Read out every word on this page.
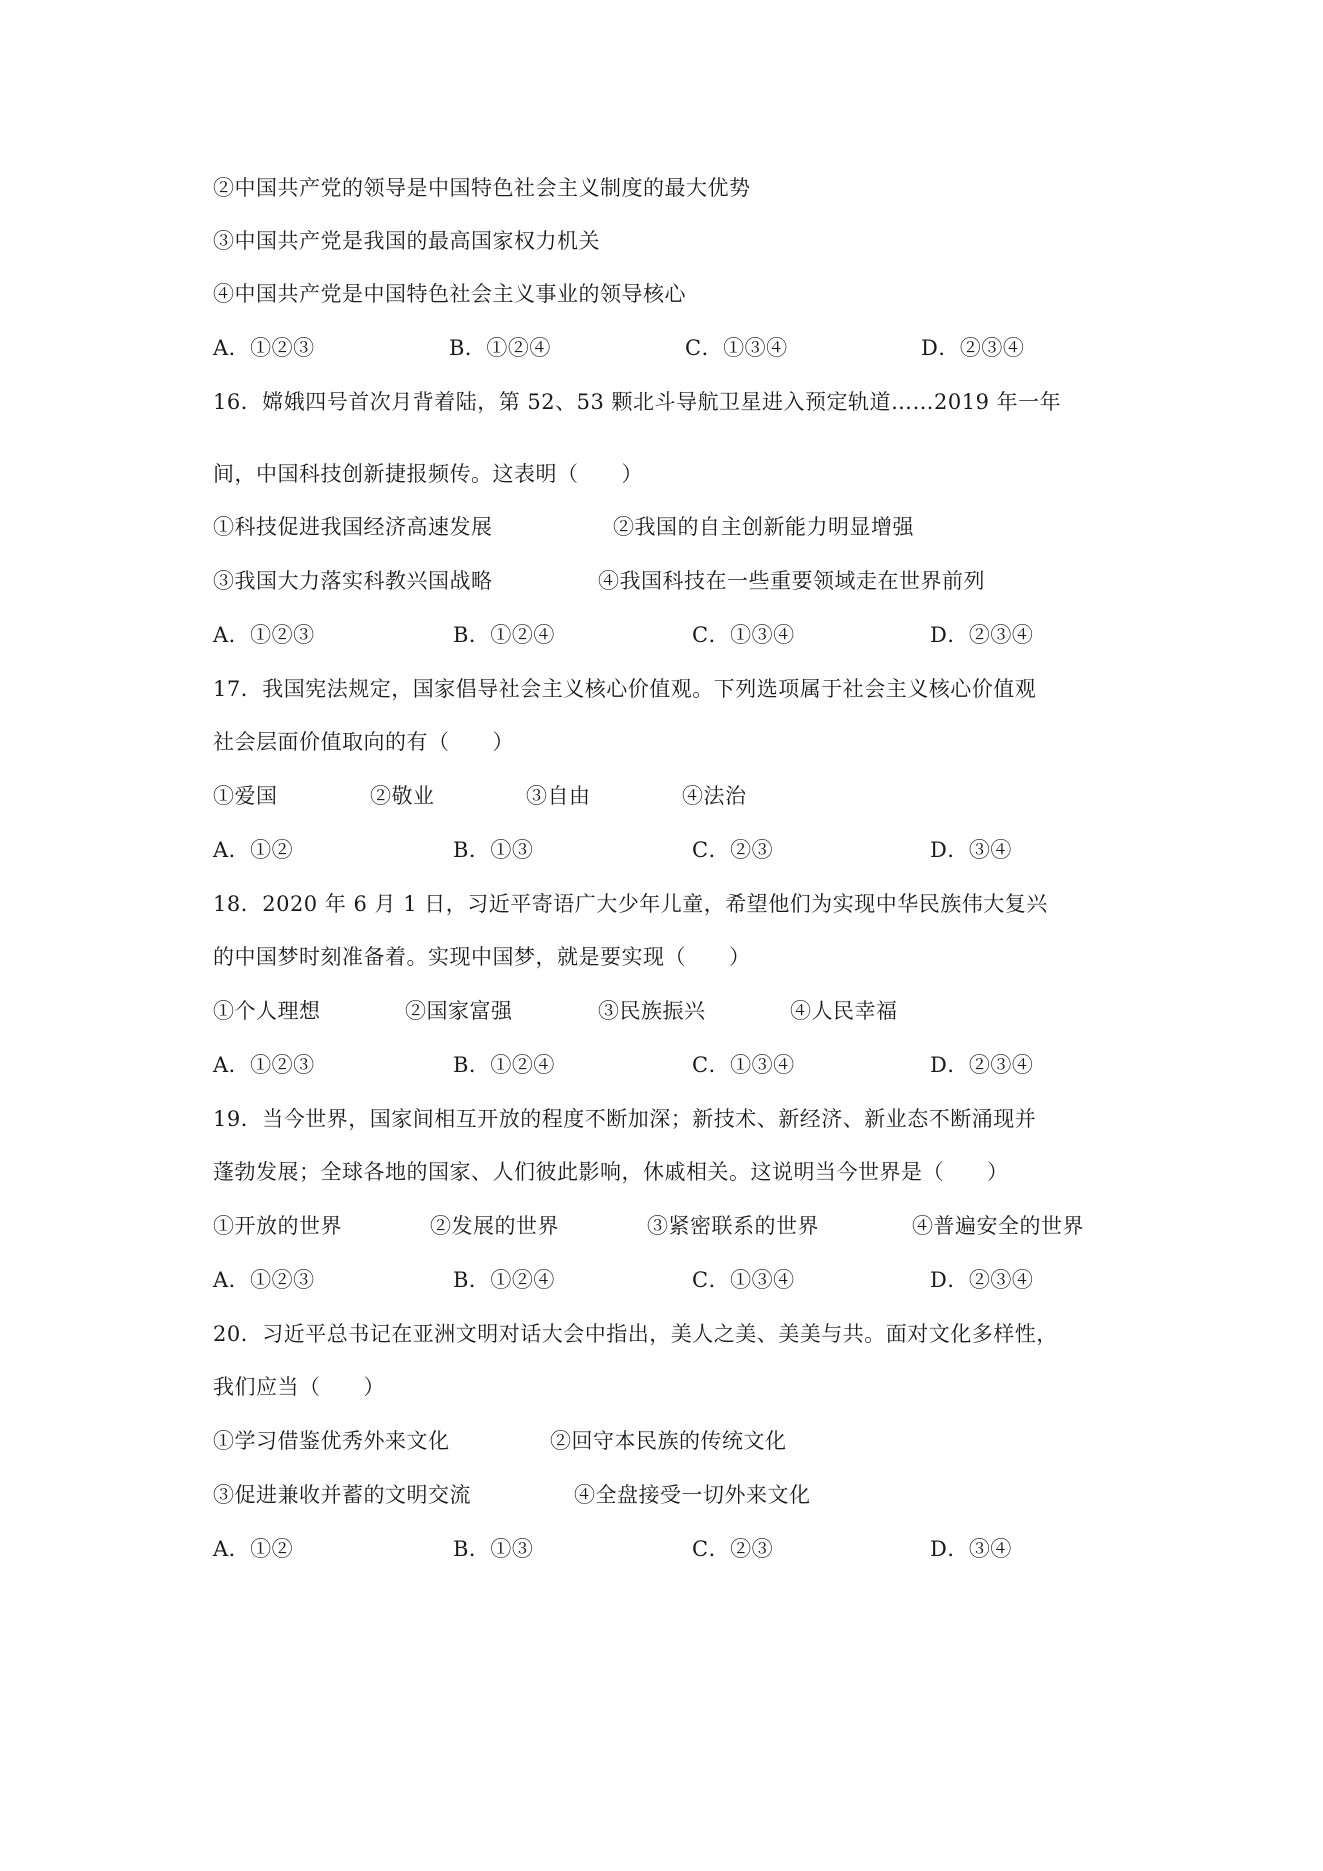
②中国共产党的领导是中国特色社会主义制度的最大优势
③中国共产党是我国的最高国家权力机关
④中国共产党是中国特色社会主义事业的领导核心
A．①②③	B．①②④	C．①③④	D．②③④
16．嫦娥四号首次月背着陆，第 52、53 颗北斗导航卫星进入预定轨道……2019 年一年
间，中国科技创新捷报频传。这表明（　　）
①科技促进我国经济高速发展	②我国的自主创新能力明显增强
③我国大力落实科教兴国战略	④我国科技在一些重要领域走在世界前列
A．①②③	B．①②④	C．①③④	D．②③④
17．我国宪法规定，国家倡导社会主义核心价值观。下列选项属于社会主义核心价值观
社会层面价值取向的有（　　）
①爱国	②敬业	③自由	④法治
A．①②	B．①③	C．②③	D．③④
18．2020 年 6 月 1 日，习近平寄语广大少年儿童，希望他们为实现中华民族伟大复兴
的中国梦时刻准备着。实现中国梦，就是要实现（　　）
①个人理想	②国家富强	③民族振兴	④人民幸福
A．①②③	B．①②④	C．①③④	D．②③④
19．当今世界，国家间相互开放的程度不断加深；新技术、新经济、新业态不断涌现并
蓬勃发展；全球各地的国家、人们彼此影响，休戚相关。这说明当今世界是（　　）
①开放的世界	②发展的世界	③紧密联系的世界	④普遍安全的世界
A．①②③	B．①②④	C．①③④	D．②③④
20．习近平总书记在亚洲文明对话大会中指出，美人之美、美美与共。面对文化多样性，
我们应当（　　）
①学习借鉴优秀外来文化	②回守本民族的传统文化
③促进兼收并蓄的文明交流	④全盘接受一切外来文化
A．①②	B．①③	C．②③	D．③④
